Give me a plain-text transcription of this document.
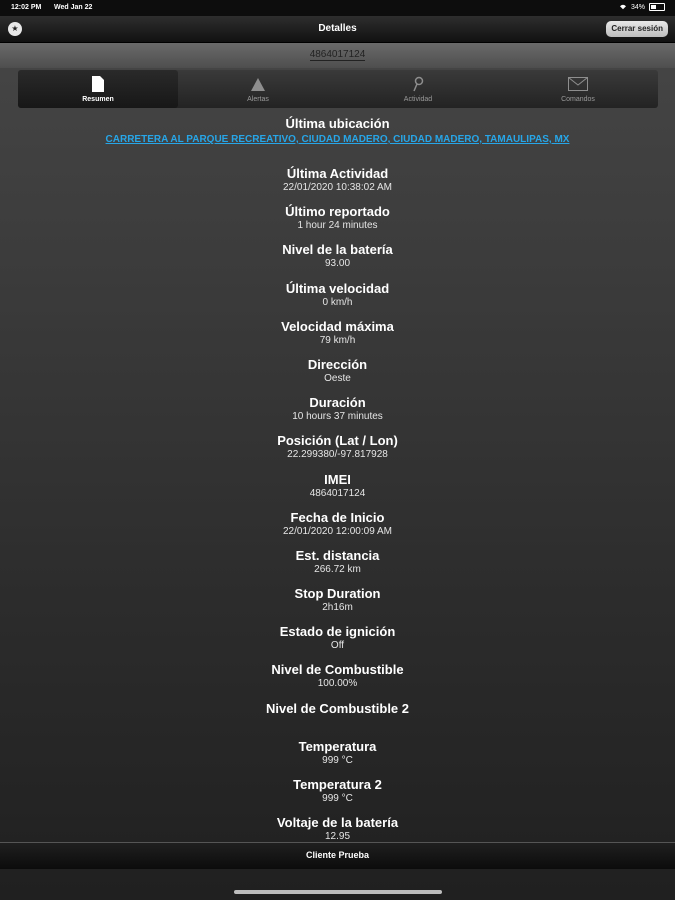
12:02 PM Wed Jan 22	34%
★	Detalles	Cerrar sesión
4864017124
Resumen	Alertas	Actividad	Comandos
Última ubicación
CARRETERA AL PARQUE RECREATIVO, CIUDAD MADERO, CIUDAD MADERO, TAMAULIPAS, MX
Última Actividad
22/01/2020 10:38:02 AM
Último reportado
1 hour 24 minutes
Nivel de la batería
93.00
Última velocidad
0 km/h
Velocidad máxima
79 km/h
Dirección
Oeste
Duración
10 hours 37 minutes
Posición (Lat / Lon)
22.299380/-97.817928
IMEI
4864017124
Fecha de Inicio
22/01/2020 12:00:09 AM
Est. distancia
266.72 km
Stop Duration
2h16m
Estado de ignición
Off
Nivel de Combustible
100.00%
Nivel de Combustible 2
Temperatura
999 °C
Temperatura 2
999 °C
Voltaje de la batería
12.95
Cliente Prueba
